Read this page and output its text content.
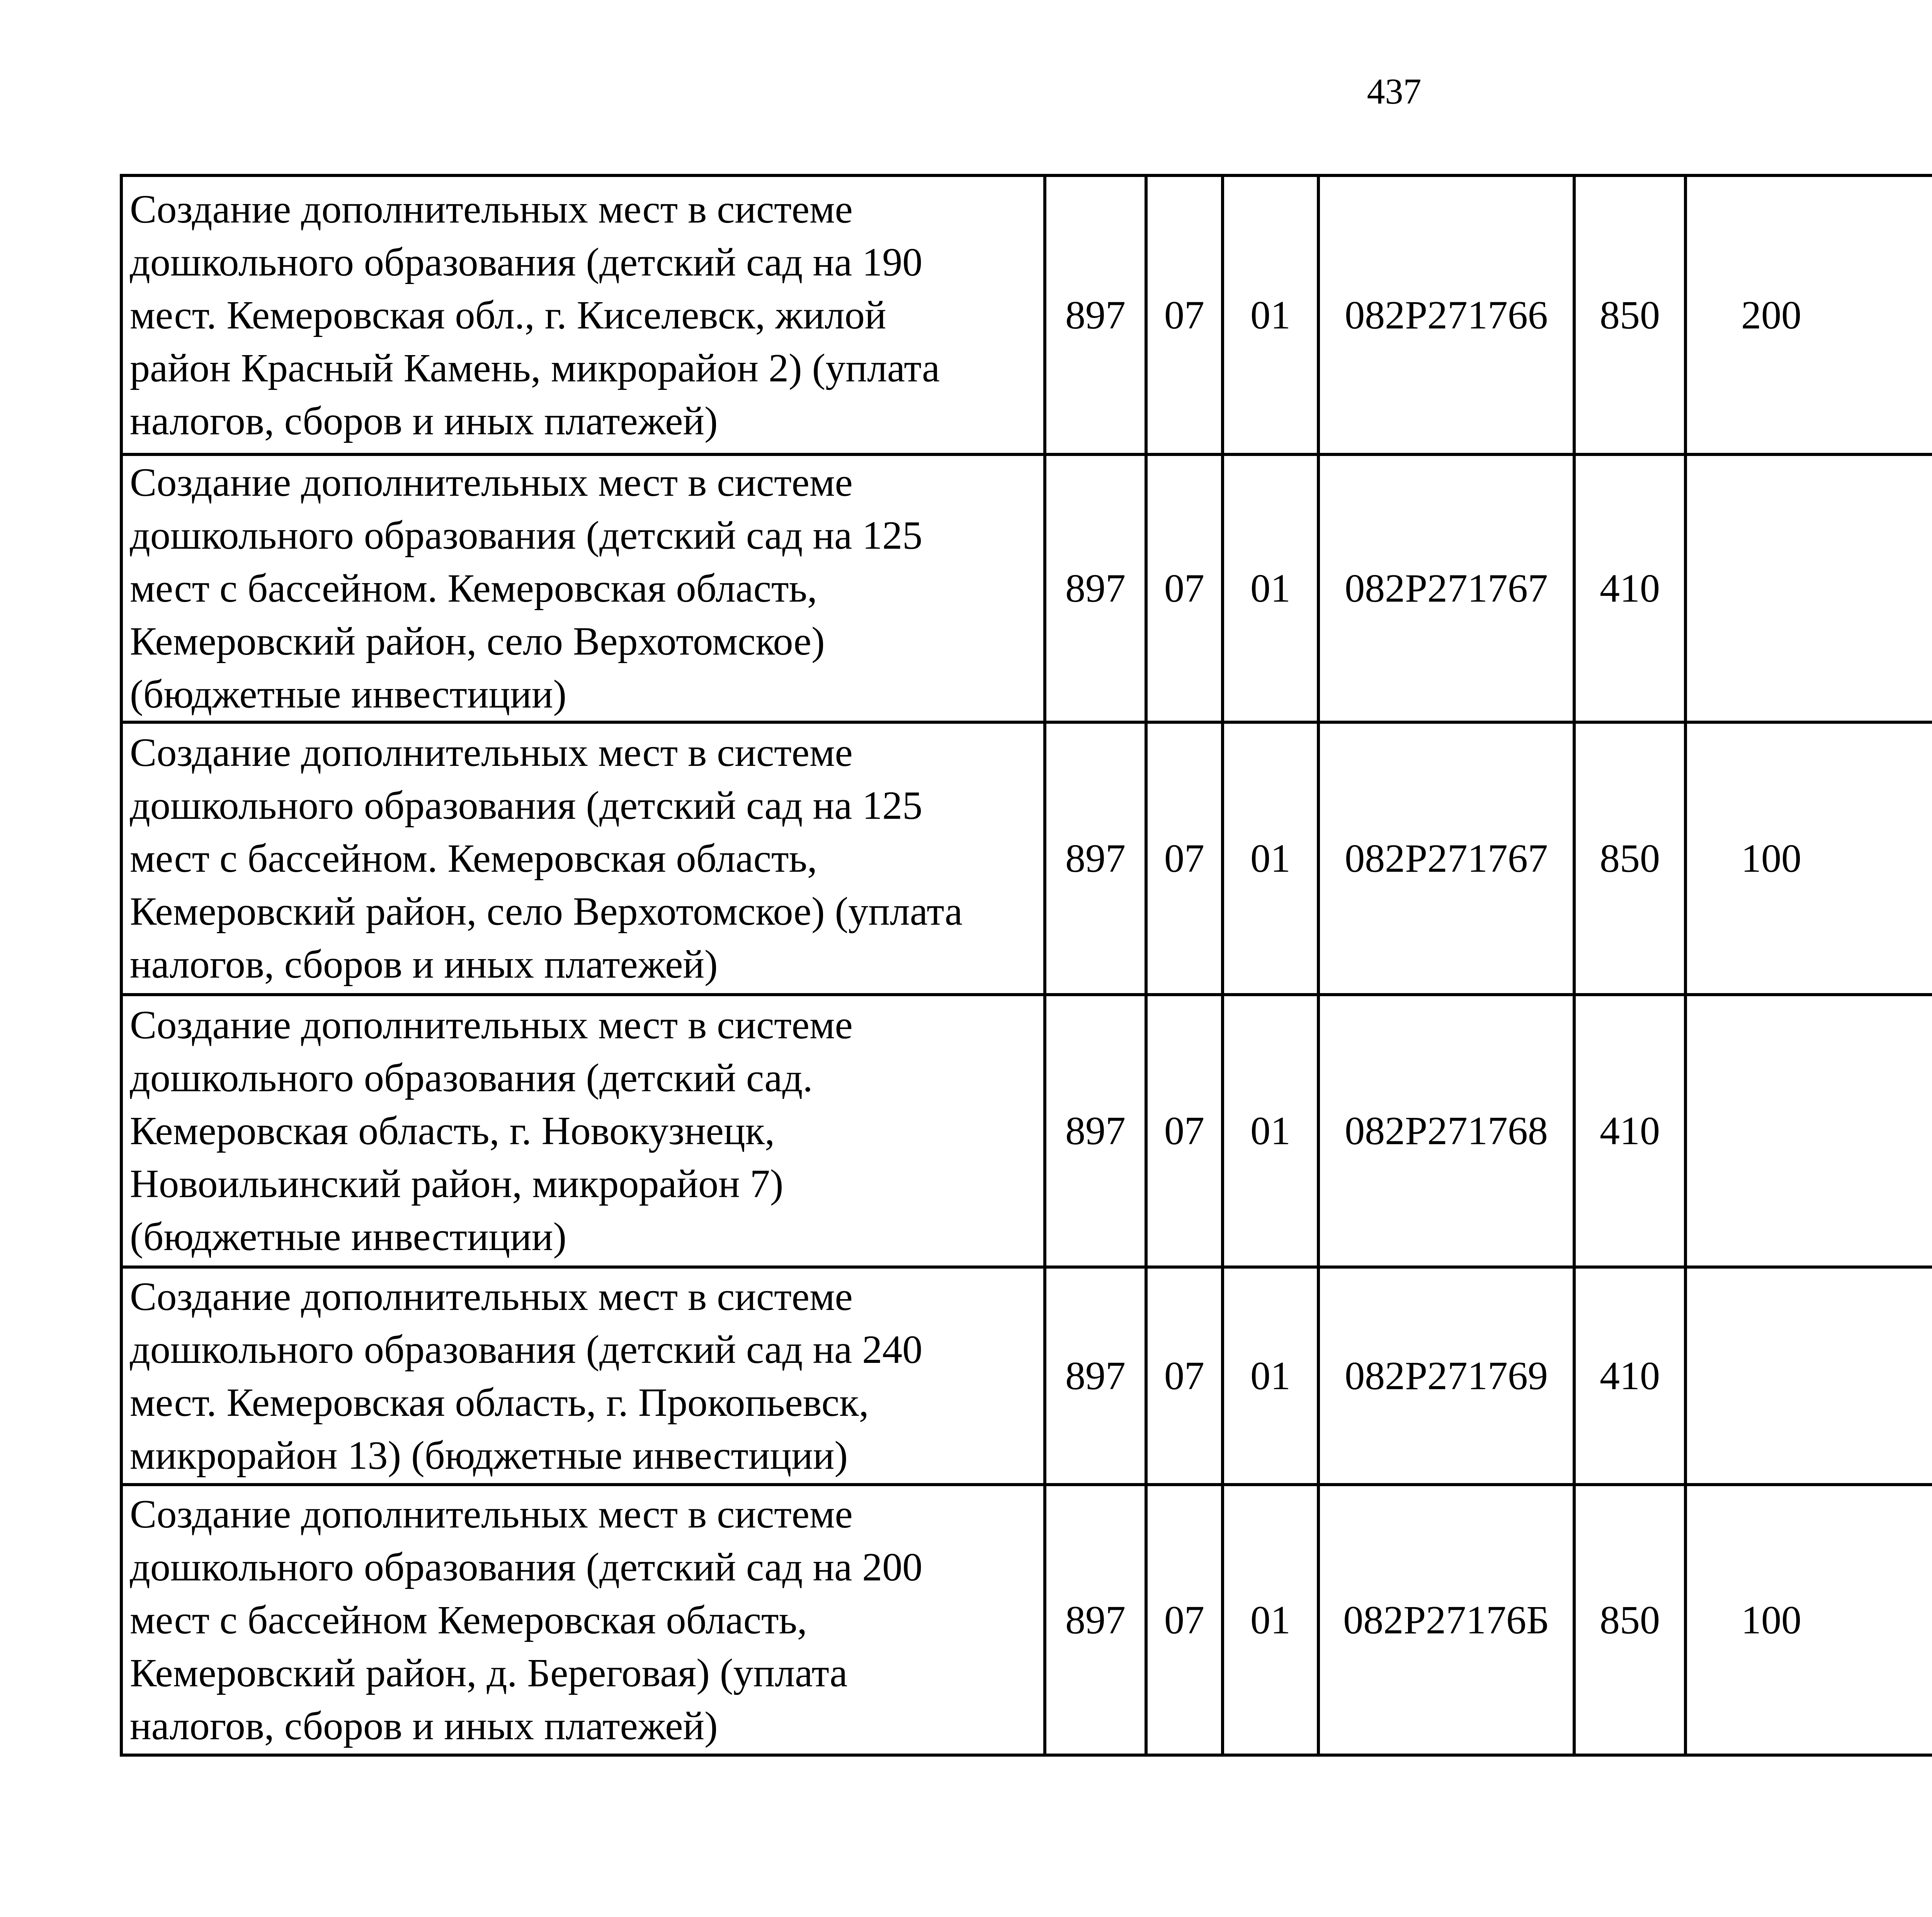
437
Создание дополнительных мест в системе
дошкольного образования (детский сад на 190
мест. Кемеровская обл., г. Киселевск, жилой
район Красный Камень, микрорайон 2) (уплата
налогов, сборов и иных платежей)	897	07	01	082P271766	850	200		

Создание дополнительных мест в системе
дошкольного образования (детский сад на 125
мест с бассейном. Кемеровская область,
Кемеровский район, село Верхотомское)
(бюджетные инвестиции)	897	07	01	082P271767	410			

Создание дополнительных мест в системе
дошкольного образования (детский сад на 125
мест с бассейном. Кемеровская область,
Кемеровский район, село Верхотомское) (уплата
налогов, сборов и иных платежей)	897	07	01	082P271767	850	100		

Создание дополнительных мест в системе
дошкольного образования (детский сад.
Кемеровская область, г. Новокузнецк,
Новоильинский район, микрорайон 7)
(бюджетные инвестиции)	897	07	01	082P271768	410			

Создание дополнительных мест в системе
дошкольного образования (детский сад на 240
мест. Кемеровская область, г. Прокопьевск,
микрорайон 13) (бюджетные инвестиции)	897	07	01	082P271769	410			

Создание дополнительных мест в системе
дошкольного образования (детский сад на 200
мест с бассейном Кемеровская область,
Кемеровский район, д. Береговая) (уплата
налогов, сборов и иных платежей)	897	07	01	082P27176Б	850	100		
